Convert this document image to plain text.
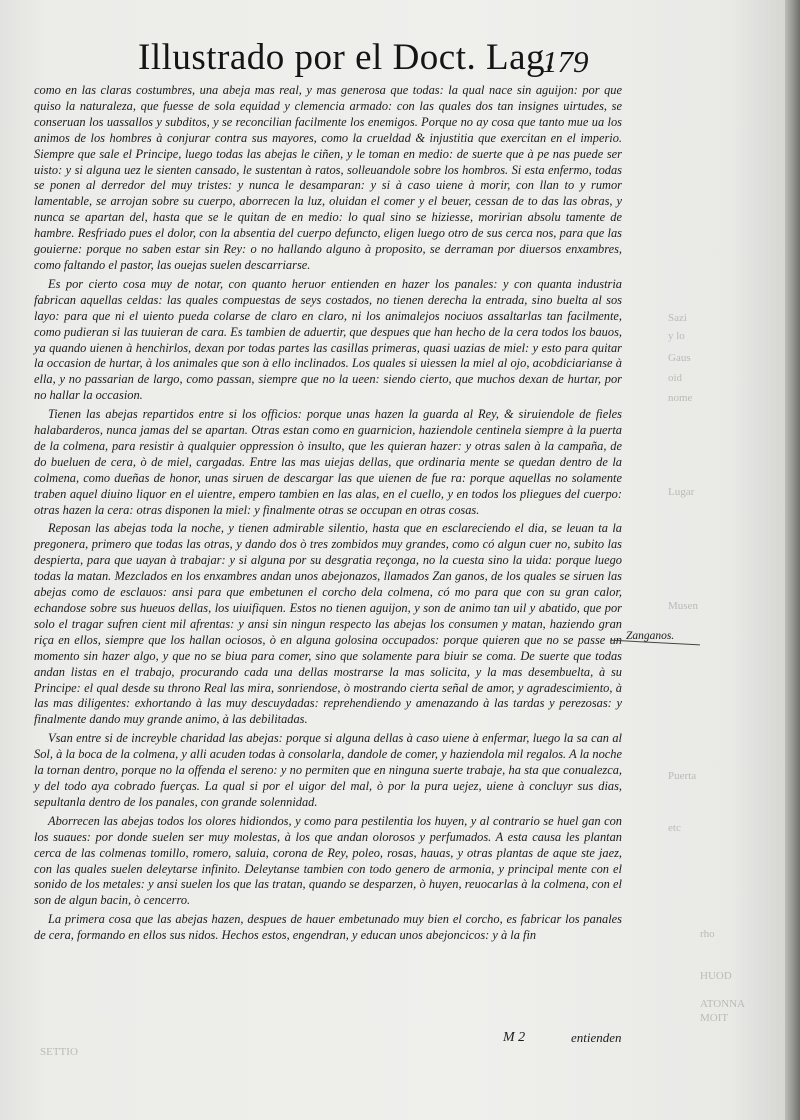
Illustrado por el Doct. Lag.
179

como en las claras costumbres, una abeja mas real, y mas generosa que todas: la qual nace sin aguijon: por que quiso la naturaleza, que fuesse de sola equidad y clemencia armado: con las quales dos tan insignes uirtudes, se conseruan los uassallos y subditos, y se reconcilian facilmente los enemigos. Porque no ay cosa que tanto mue ua los animos de los hombres à conjurar contra sus mayores, como la crueldad & injustitia que exercitan en el imperio. Siempre que sale el Principe, luego todas las abejas le ciñen, y le toman en medio: de suerte que à pe nas puede ser uisto: y si alguna uez le sienten cansado, le sustentan à ratos, solleuandole sobre los hombros. Si esta enfermo, todas se ponen al derredor del muy tristes: y nunca le desamparan: y si à caso uiene à morir, con llan to y rumor lamentable, se arrojan sobre su cuerpo, aborrecen la luz, oluidan el comer y el beuer, cessan de to das las obras, y nunca se apartan del, hasta que se le quitan de en medio: lo qual sino se hiziesse, moririan absolu tamente de hambre. Resfriado pues el dolor, con la absentia del cuerpo defuncto, eligen luego otro de sus cerca nos, para que las gouierne: porque no saben estar sin Rey: o no hallando alguno à proposito, se derraman por diuersos enxambres, como faltando el pastor, las ouejas suelen descarriarse.

Es por cierto cosa muy de notar, con quanto heruor entienden en hazer los panales: y con quanta industria fabrican aquellas celdas: las quales compuestas de seys costados, no tienen derecha la entrada, sino buelta al sos layo: para que ni el uiento pueda colarse de claro en claro, ni los animalejos nociuos assaltarlas tan facilmente, como pudieran si las tuuieran de cara. Es tambien de aduertir, que despues que han hecho de la cera todos los bauos, ya quando uienen à henchirlos, dexan por todas partes las casillas primeras, quasi uazias de miel: y esto para quitar la occasion de hurtar, à los animales que son à ello inclinados. Los quales si uiessen la miel al ojo, acobdiciarianse à ella, y no passarian de largo, como passan, siempre que no la ueen: siendo cierto, que muchos dexan de hurtar, por no hallar la occasion.

Tienen las abejas repartidos entre si los officios: porque unas hazen la guarda al Rey, & siruiendole de fieles halabarderos, nunca jamas del se apartan. Otras estan como en guarnicion, haziendole centinela siempre à la puerta de la colmena, para resistir à qualquier oppression ò insulto, que les quieran hazer: y otras salen à la campaña, de do bueluen de cera, ò de miel, cargadas. Entre las mas uiejas dellas, que ordinaria mente se quedan dentro de la colmena, como dueñas de honor, unas siruen de descargar las que uienen de fue ra: porque aquellas no solamente traben aquel diuino liquor en el uientre, empero tambien en las alas, en el cuello, y en todos los pliegues del cuerpo: otras hazen la cera: otras disponen la miel: y finalmente otras se occupan en otras cosas.

Reposan las abejas toda la noche, y tienen admirable silentio, hasta que en esclareciendo el dia, se leuan ta la pregonera, primero que todas las otras, y dando dos ò tres zombidos muy grandes, como có algun cuer no, subito las despierta, para que uayan à trabajar: y si alguna por su desgratia reçonga, no la cuesta sino la uida: porque luego todas la matan. Mezclados en los enxambres andan unos abejonazos, llamados Zan ganos, de los quales se siruen las abejas como de esclauos: ansi para que embetunen el corcho dela colmena, có mo para que con su gran calor, echandose sobre sus hueuos dellas, los uiuifiquen. Estos no tienen aguijon, y son de animo tan uil y abatido, que por solo el tragar sufren cient mil afrentas: y ansi sin ningun respecto las abejas los consumen y matan, haziendo gran riça en ellos, siempre que los hallan ociosos, ò en alguna golosina occupados: porque quieren que no se passe un momento sin hazer algo, y que no se biua para comer, sino que solamente para biuir se coma. De suerte que todas andan listas en el trabajo, procurando cada una dellas mostrarse la mas solicita, y la mas desembuelta, à su Principe: el qual desde su throno Real las mira, sonriendose, ò mostrando cierta señal de amor, y agradescimiento, à las mas diligentes: exhortando à las muy descuydadas: reprehendiendo y amenazando à las tardas y perezosas: y finalmente dando muy grande animo, à las debilitadas.

Vsan entre si de increyble charidad las abejas: porque si alguna dellas à caso uiene à enfermar, luego la sa can al Sol, à la boca de la colmena, y alli acuden todas à consolarla, dandole de comer, y haziendola mil regalos. A la noche la tornan dentro, porque no la offenda el sereno: y no permiten que en ninguna suerte trabaje, ha sta que conualezca, y del todo aya cobrado fuerças. La qual si por el uigor del mal, ò por la pura uejez, uiene à concluyr sus dias, sepultanla dentro de los panales, con grande solennidad.

Aborrecen las abejas todos los olores hidiondos, y como para pestilentia los huyen, y al contrario se huel gan con los suaues: por donde suelen ser muy molestas, à los que andan olorosos y perfumados. A esta causa les plantan cerca de las colmenas tomillo, romero, saluia, corona de Rey, poleo, rosas, hauas, y otras plantas de aque ste jaez, con las quales suelen deleytarse infinito. Deleytanse tambien con todo genero de armonia, y principal mente con el sonido de los metales: y ansi suelen los que las tratan, quando se desparzen, ò huyen, reuocarlas à la colmena, con el son de algun bacin, ò cencerro.

La primera cosa que las abejas hazen, despues de hauer embetunado muy bien el corcho, es fabricar los panales de cera, formando en ellos sus nidos. Hechos estos, engendran, y educan unos abejoncicos: y à la fin

Zanganos.
Sazi
y lo
Gaus
oid
nome
Lugar
Musen
Puerta
etc
rho
ATONNA
MOIT
HUOD
SETTIO
M 2	entienden
